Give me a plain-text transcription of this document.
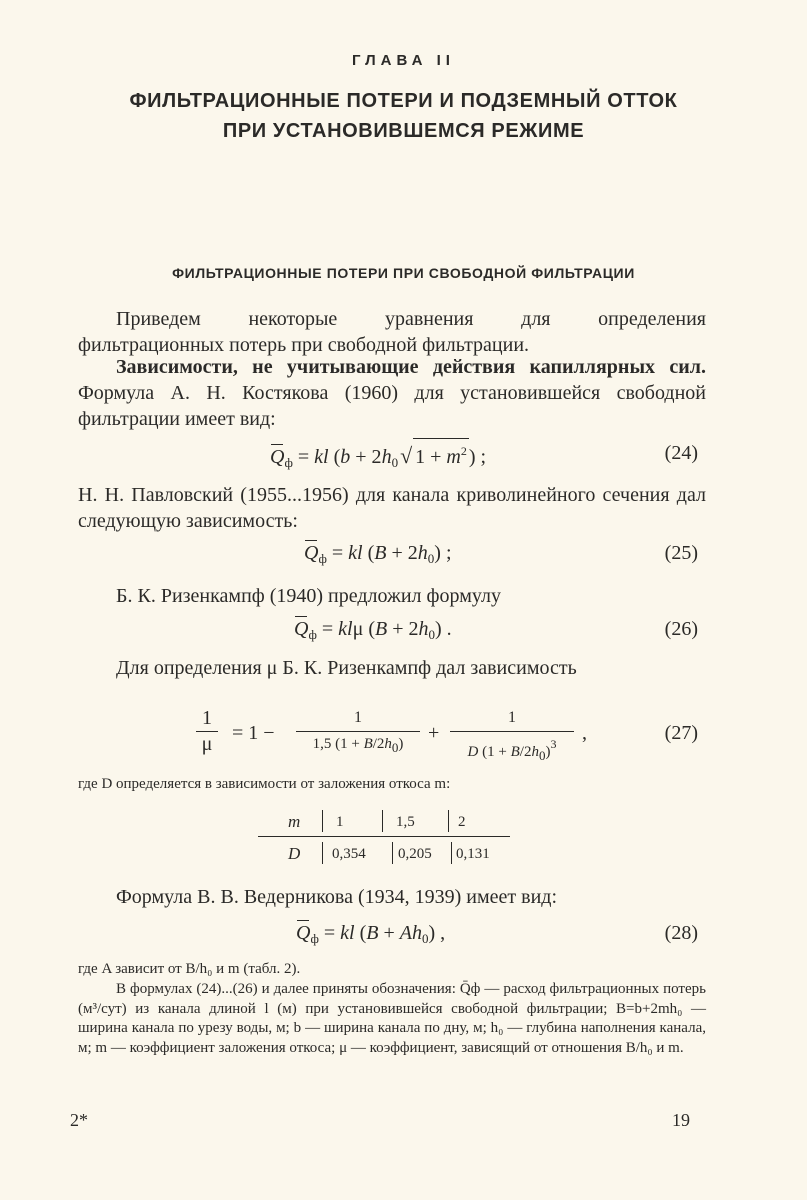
ГЛАВА II
ФИЛЬТРАЦИОННЫЕ ПОТЕРИ И ПОДЗЕМНЫЙ ОТТОК
ПРИ УСТАНОВИВШЕМСЯ РЕЖИМЕ
ФИЛЬТРАЦИОННЫЕ ПОТЕРИ ПРИ СВОБОДНОЙ ФИЛЬТРАЦИИ
Приведем некоторые уравнения для определения
фильтрационных потерь при свободной фильтрации.
Зависимости, не учитывающие действия капиллярных сил. Формула А. Н. Костякова (1960) для установившейся свободной фильтрации имеет вид:
$Q_ф$ = kl ($b + 2h_0√$ $1 + m^2$ ) ;	(24)
Н. Н. Павловский (1955...1956) для канала криволинейного сечения дал следующую зависимость:
$Q_ф$ = kl $(B + 2h_0)$ ;	(25)
Б. К. Ризенкампф (1940) предложил формулу
$Q_ф = kl\mu$ $(B + 2h_0)$ .	(26)
Для определения μ Б. К. Ризенкампф дал зависимость
$\frac{1}{\mu} = 1 - \frac{1}{1,5 (1 + B/2h_0)} + \frac{1}{D (1 + B/2h_0)^3}$ ,	(27)
где D определяется в зависимости от заложения откоса m:
m 1	1,5	2
D 0,354 0,205 0,131
Формула В. В. Ведерникова (1934, 1939) имеет вид:
$Q_ф$ = kl $(B + Ah_0)$ ,	(28)
где A зависит от B/h₀ и m (табл. 2).
В формулах (24)...(26) и далее приняты обозначения: Q̄ф — расход фильтрационных потерь (м³/сут) из канала длиной l (м) при установившейся свободной фильтрации; B=b+2mh₀ — ширина канала по урезу воды, м; b — ширина канала по дну, м; h₀ — глубина наполнения канала, м; m — коэффициент заложения откоса; μ — коэффициент, зависящий от отношения B/h₀ и m.
2*	19
